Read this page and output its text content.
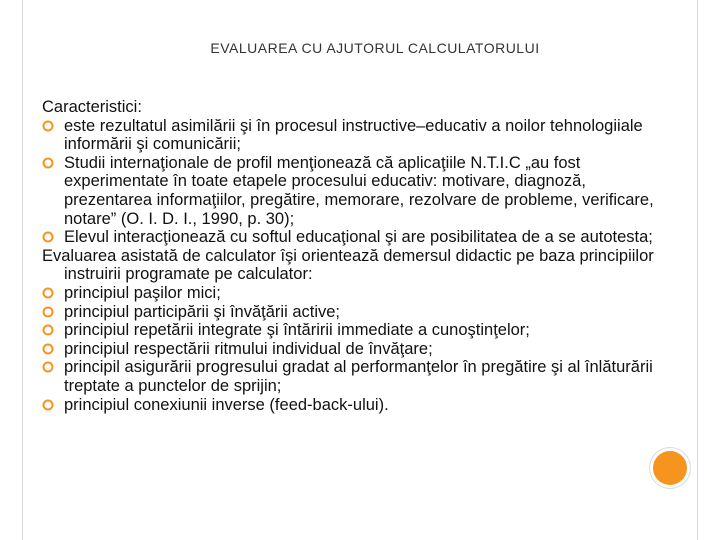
EVALUAREA CU AJUTORUL CALCULATORULUI

Caracteristici:

este rezultatul asimilării şi în procesul instructive–educativ a noilor tehnologiiale informării şi comunicării;

Studii internaţionale de profil menţionează că aplicaţiile N.T.I.C „au fost experimentate în toate etapele procesului educativ: motivare, diagnoză, prezentarea informaţiilor, pregătire, memorare, rezolvare de probleme, verificare, notare” (O. I. D. I., 1990, p. 30);

Elevul interacţionează cu softul educaţional şi are posibilitatea de a se autotesta;

Evaluarea asistată de calculator îşi orientează demersul didactic pe baza principiilor instruirii programate pe calculator:

principiul paşilor mici;

principiul participării şi învăţării active;

principiul repetării integrate şi întăririi immediate a cunoştinţelor;

principiul respectării ritmului individual de învăţare;

principil asigurării progresului gradat al performanţelor în pregătire şi al înlăturării treptate a punctelor de sprijin;

principiul conexiunii inverse (feed-back-ului).
